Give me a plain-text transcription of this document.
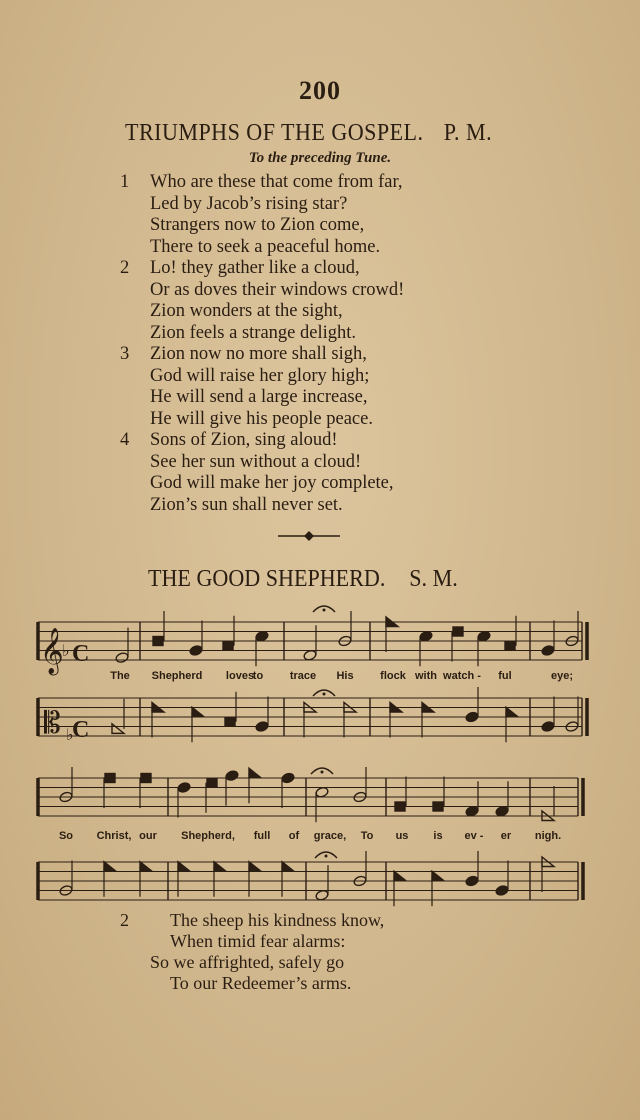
200
TRIUMPHS OF THE GOSPEL. P. M.
To the preceding Tune.
1	Who are these that come from far,
Led by Jacob’s rising star?
Strangers now to Zion come,
There to seek a peaceful home.
2	Lo! they gather like a cloud,
Or as doves their windows crowd!
Zion wonders at the sight,
Zion feels a strange delight.
3	Zion now no more shall sigh,
God will raise her glory high;
He will send a large increase,
He will give his people peace.
4	Sons of Zion, sing aloud!
See her sun without a cloud!
God will make her joy complete,
Zion’s sun shall never set.
THE GOOD SHEPHERD. S. M.
𝄞
𝄡
♭ C
♭
C
The Shepherd loves
to trace His flock with watch - ful	eye;
So Christ, our Shepherd, full of grace, To us is ev - er nigh.
2 The sheep his kindness know,
When timid fear alarms:
So we affrighted, safely go
To our Redeemer’s arms.
